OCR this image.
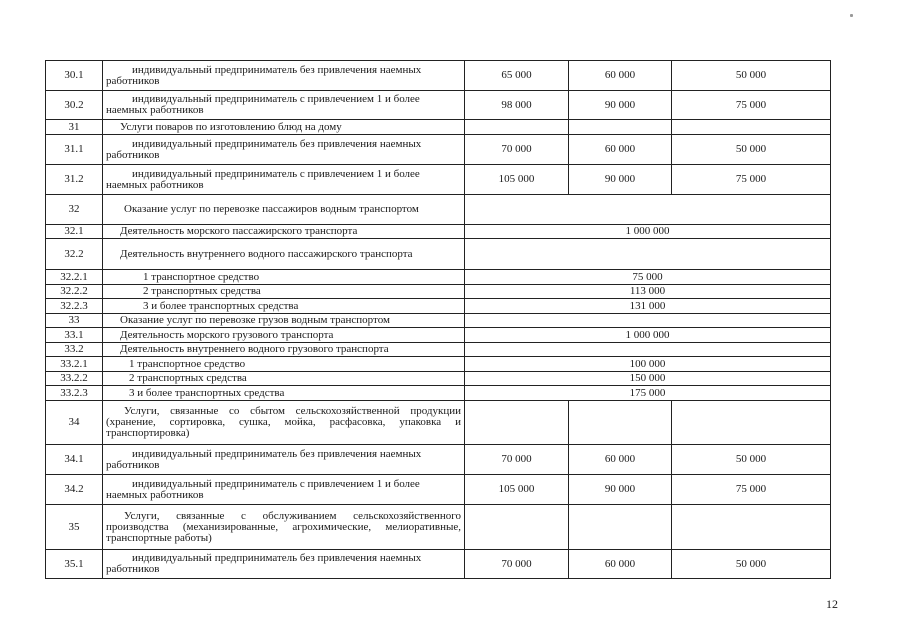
30.1	индивидуальный предприниматель без привлечения наемных работников	65 000	60 000	50 000
30.2	индивидуальный предприниматель с привлечением 1 и более наемных работников	98 000	90 000	75 000
31	Услуги поваров по изготовлению блюд на дому			
31.1	индивидуальный предприниматель без привлечения наемных работников	70 000	60 000	50 000
31.2	индивидуальный предприниматель с привлечением 1 и более наемных работников	105 000	90 000	75 000
32	Оказание услуг по перевозке пассажиров водным транспортом			
32.1	Деятельность морского пассажирского транспорта	1 000 000		
32.2	Деятельность внутреннего водного пассажирского транспорта			
32.2.1	1 транспортное средство	75 000		
32.2.2	2 транспортных средства	113 000		
32.2.3	3 и более транспортных средства	131 000		
33	Оказание услуг по перевозке грузов водным транспортом			
33.1	Деятельность морского грузового транспорта	1 000 000		
33.2	Деятельность внутреннего водного грузового транспорта			
33.2.1	1 транспортное средство	100 000		
33.2.2	2 транспортных средства	150 000		
33.2.3	3 и более транспортных средства	175 000		
34	Услуги, связанные со сбытом сельскохозяйственной продукции (хранение, сортировка, сушка, мойка, расфасовка, упаковка и транспортировка)			
34.1	индивидуальный предприниматель без привлечения наемных работников	70 000	60 000	50 000
34.2	индивидуальный предприниматель с привлечением 1 и более наемных работников	105 000	90 000	75 000
35	Услуги, связанные с обслуживанием сельскохозяйственного производства (механизированные, агрохимические, мелиоративные, транспортные работы)			
35.1	индивидуальный предприниматель без привлечения наемных работников	70 000	60 000	50 000
12
